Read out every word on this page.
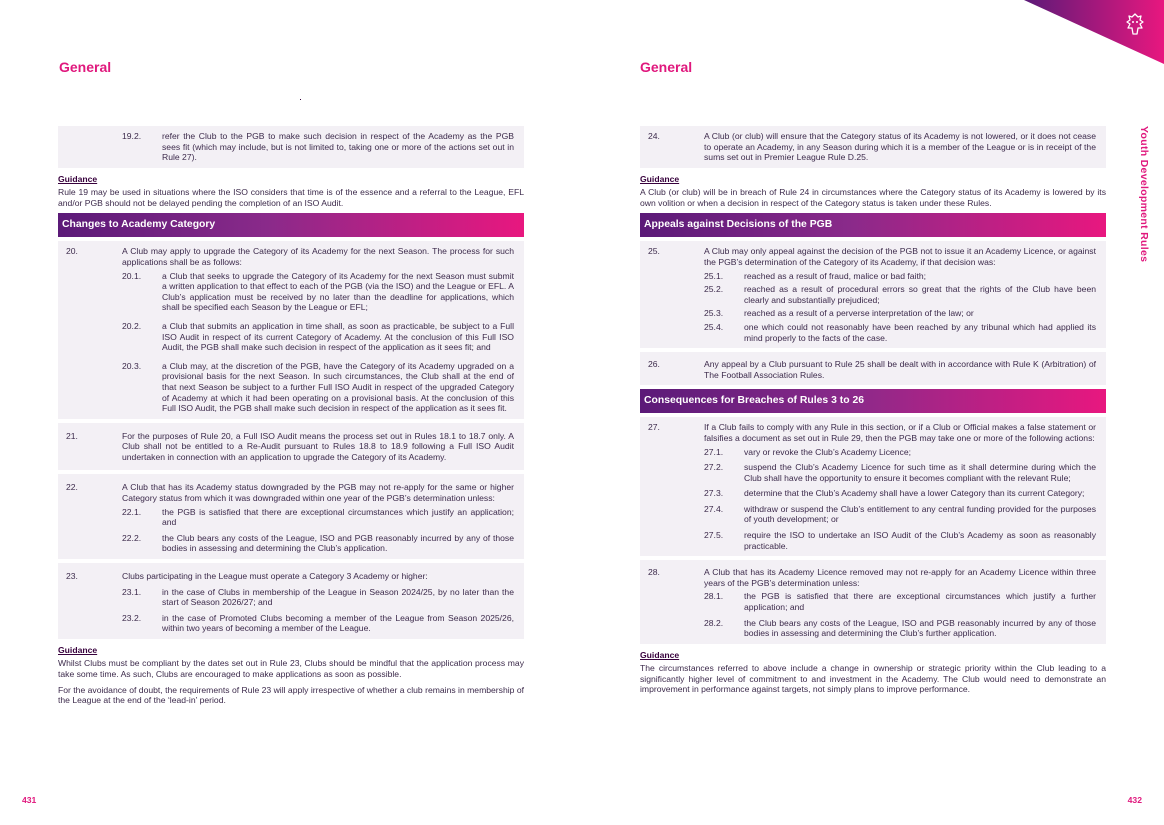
General
19.2.	refer the Club to the PGB to make such decision in respect of the Academy as the PGB sees fit (which may include, but is not limited to, taking one or more of the actions set out in Rule 27).
Guidance
Rule 19 may be used in situations where the ISO considers that time is of the essence and a referral to the League, EFL and/or PGB should not be delayed pending the completion of an ISO Audit.
Changes to Academy Category
20.	A Club may apply to upgrade the Category of its Academy for the next Season. The process for such applications shall be as follows:
20.1.	a Club that seeks to upgrade the Category of its Academy for the next Season must submit a written application to that effect to each of the PGB (via the ISO) and the League or EFL. A Club’s application must be received by no later than the deadline for applications, which shall be specified each Season by the League or EFL;
20.2.	a Club that submits an application in time shall, as soon as practicable, be subject to a Full ISO Audit in respect of its current Category of Academy. At the conclusion of this Full ISO Audit, the PGB shall make such decision in respect of the application as it sees fit; and
20.3.	a Club may, at the discretion of the PGB, have the Category of its Academy upgraded on a provisional basis for the next Season. In such circumstances, the Club shall at the end of that next Season be subject to a further Full ISO Audit in respect of the upgraded Category of Academy at which it had been operating on a provisional basis. At the conclusion of this Full ISO Audit, the PGB shall make such decision in respect of the application as it sees fit.
21.	For the purposes of Rule 20, a Full ISO Audit means the process set out in Rules 18.1 to 18.7 only. A Club shall not be entitled to a Re-Audit pursuant to Rules 18.8 to 18.9 following a Full ISO Audit undertaken in connection with an application to upgrade the Category of its Academy.
22.	A Club that has its Academy status downgraded by the PGB may not re-apply for the same or higher Category status from which it was downgraded within one year of the PGB’s determination unless:
22.1.	the PGB is satisfied that there are exceptional circumstances which justify an application; and
22.2.	the Club bears any costs of the League, ISO and PGB reasonably incurred by any of those bodies in assessing and determining the Club’s application.
23.	Clubs participating in the League must operate a Category 3 Academy or higher:
23.1.	in the case of Clubs in membership of the League in Season 2024/25, by no later than the start of Season 2026/27; and
23.2.	in the case of Promoted Clubs becoming a member of the League from Season 2025/26, within two years of becoming a member of the League.
Guidance
Whilst Clubs must be compliant by the dates set out in Rule 23, Clubs should be mindful that the application process may take some time. As such, Clubs are encouraged to make applications as soon as possible.
For the avoidance of doubt, the requirements of Rule 23 will apply irrespective of whether a club remains in membership of the League at the end of the ‘lead-in’ period.
431
General
Youth Development Rules
24.	A Club (or club) will ensure that the Category status of its Academy is not lowered, or it does not cease to operate an Academy, in any Season during which it is a member of the League or is in receipt of the sums set out in Premier League Rule D.25.
Guidance
A Club (or club) will be in breach of Rule 24 in circumstances where the Category status of its Academy is lowered by its own volition or when a decision in respect of the Category status is taken under these Rules.
Appeals against Decisions of the PGB
25.	A Club may only appeal against the decision of the PGB not to issue it an Academy Licence, or against the PGB’s determination of the Category of its Academy, if that decision was:
25.1.	reached as a result of fraud, malice or bad faith;
25.2.	reached as a result of procedural errors so great that the rights of the Club have been clearly and substantially prejudiced;
25.3.	reached as a result of a perverse interpretation of the law; or
25.4.	one which could not reasonably have been reached by any tribunal which had applied its mind properly to the facts of the case.
26.	Any appeal by a Club pursuant to Rule 25 shall be dealt with in accordance with Rule K (Arbitration) of The Football Association Rules.
Consequences for Breaches of Rules 3 to 26
27.	If a Club fails to comply with any Rule in this section, or if a Club or Official makes a false statement or falsifies a document as set out in Rule 29, then the PGB may take one or more of the following actions:
27.1.	vary or revoke the Club’s Academy Licence;
27.2.	suspend the Club’s Academy Licence for such time as it shall determine during which the Club shall have the opportunity to ensure it becomes compliant with the relevant Rule;
27.3.	determine that the Club’s Academy shall have a lower Category than its current Category;
27.4.	withdraw or suspend the Club’s entitlement to any central funding provided for the purposes of youth development; or
27.5.	require the ISO to undertake an ISO Audit of the Club’s Academy as soon as reasonably practicable.
28.	A Club that has its Academy Licence removed may not re-apply for an Academy Licence within three years of the PGB’s determination unless:
28.1.	the PGB is satisfied that there are exceptional circumstances which justify a further application; and
28.2.	the Club bears any costs of the League, ISO and PGB reasonably incurred by any of those bodies in assessing and determining the Club’s further application.
Guidance
The circumstances referred to above include a change in ownership or strategic priority within the Club leading to a significantly higher level of commitment to and investment in the Academy. The Club would need to demonstrate an improvement in performance against targets, not simply plans to improve performance.
432
